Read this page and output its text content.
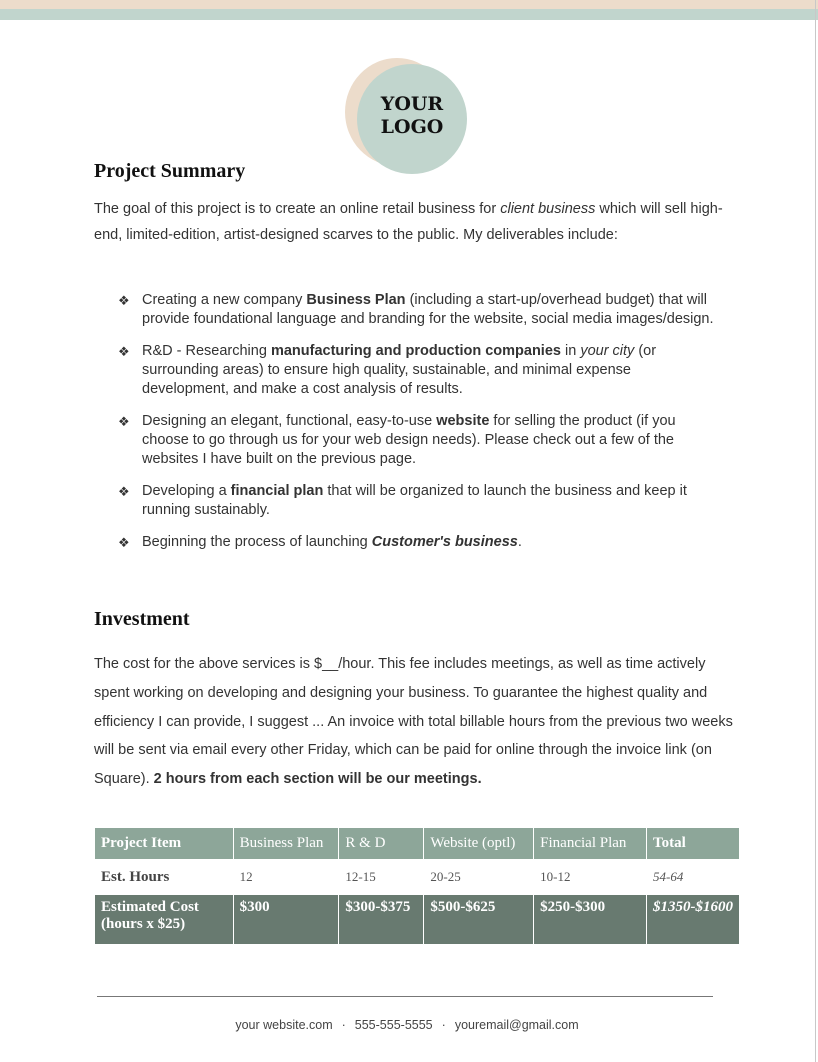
YOUR
LOGO
Project Summary

The goal of this project is to create an online retail business for client business which will sell high-end, limited-edition, artist-designed scarves to the public. My deliverables include:

❖ Creating a new company Business Plan (including a start-up/overhead budget) that will provide foundational language and branding for the website, social media images/design.
❖ R&D - Researching manufacturing and production companies in your city (or surrounding areas) to ensure high quality, sustainable, and minimal expense development, and make a cost analysis of results.
❖ Designing an elegant, functional, easy-to-use website for selling the product (if you choose to go through us for your web design needs). Please check out a few of the websites I have built on the previous page.
❖ Developing a financial plan that will be organized to launch the business and keep it running sustainably.
❖ Beginning the process of launching Customer's business.
Investment

The cost for the above services is $__/hour. This fee includes meetings, as well as time actively spent working on developing and designing your business. To guarantee the highest quality and efficiency I can provide, I suggest ... An invoice with total billable hours from the previous two weeks will be sent via email every other Friday, which can be paid for online through the invoice link (on Square). 2 hours from each section will be our meetings.

Project Item	Business Plan	R & D	Website (optl)	Financial Plan	Total
Est. Hours	12	12-15	20-25	10-12	54-64
Estimated Cost
(hours x $25)	$300	$300-$375	$500-$625	$250-$300	$1350-$1600
your website.com · 555-555-5555 · youremail@gmail.com
